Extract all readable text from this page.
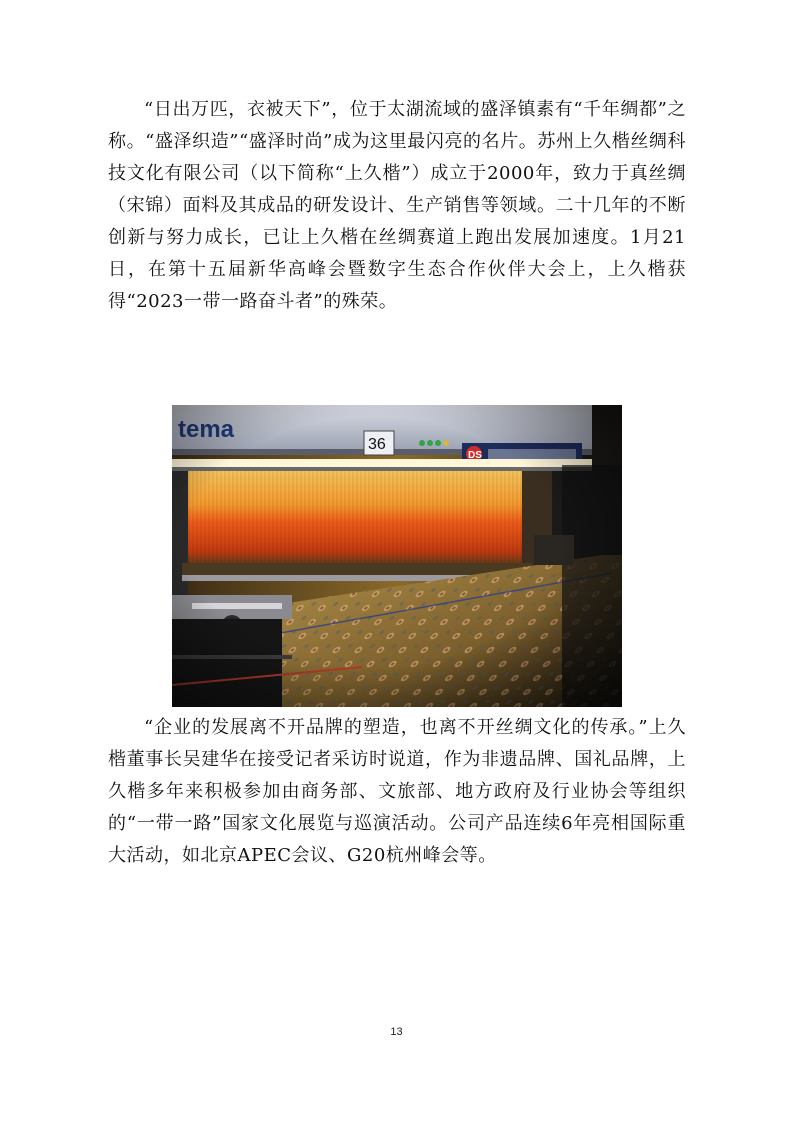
“日出万匹，衣被天下”，位于太湖流域的盛泽镇素有“千年绸都”之称。“盛泽织造”“盛泽时尚”成为这里最闪亮的名片。苏州上久楷丝绸科技文化有限公司（以下简称“上久楷”）成立于2000年，致力于真丝绸（宋锦）面料及其成品的研发设计、生产销售等领域。二十几年的不断创新与努力成长，已让上久楷在丝绸赛道上跑出发展加速度。1月21日，在第十五届新华高峰会暨数字生态合作伙伴大会上，上久楷获得“2023一带一路奋斗者”的殊荣。

“企业的发展离不开品牌的塑造，也离不开丝绸文化的传承。”上久楷董事长吴建华在接受记者采访时说道，作为非遗品牌、国礼品牌，上久楷多年来积极参加由商务部、文旅部、地方政府及行业协会等组织的“一带一路”国家文化展览与巡演活动。公司产品连续6年亮相国际重大活动，如北京APEC会议、G20杭州峰会等。

13
